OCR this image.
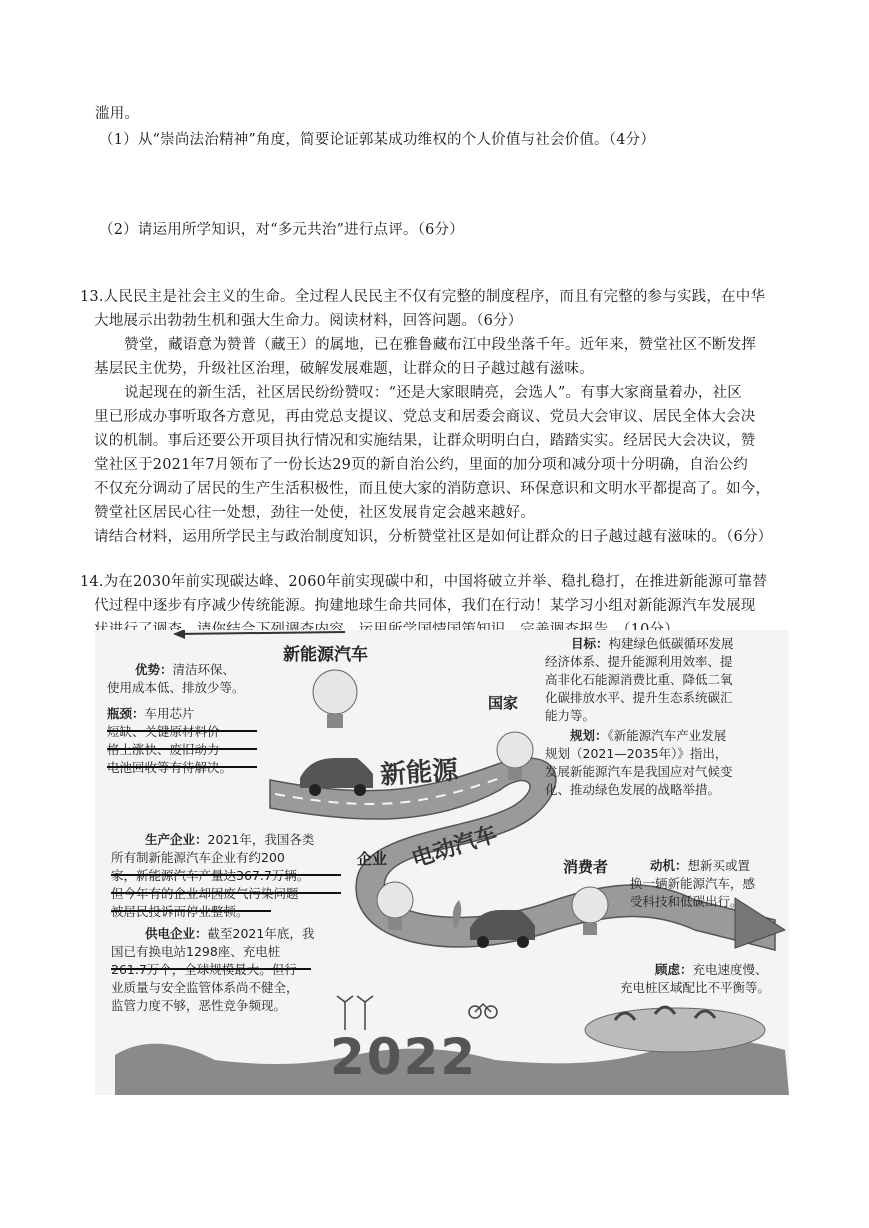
滥用。
（1）从“崇尚法治精神”角度，简要论证郭某成功维权的个人价值与社会价值。（4分）
（2）请运用所学知识，对“多元共治”进行点评。（6分）
13.人民民主是社会主义的生命。全过程人民民主不仅有完整的制度程序，而且有完整的参与实践，在中华
大地展示出勃勃生机和强大生命力。阅读材料，回答问题。（6分）
赞堂，藏语意为赞普（藏王）的属地，已在雅鲁藏布江中段坐落千年。近年来，赞堂社区不断发挥
基层民主优势，升级社区治理，破解发展难题，让群众的日子越过越有滋味。
说起现在的新生活，社区居民纷纷赞叹：“还是大家眼睛亮，会选人”。有事大家商量着办，社区
里已形成办事听取各方意见，再由党总支提议、党总支和居委会商议、党员大会审议、居民全体大会决
议的机制。事后还要公开项目执行情况和实施结果，让群众明明白白，踏踏实实。经居民大会决议，赞
堂社区于2021年7月领布了一份长达29页的新自治公约，里面的加分项和减分项十分明确，自治公约
不仅充分调动了居民的生产生活积极性，而且使大家的消防意识、环保意识和文明水平都提高了。如今，
赞堂社区居民心往一处想，劲往一处使，社区发展肯定会越来越好。
请结合材料，运用所学民主与政治制度知识，分析赞堂社区是如何让群众的日子越过越有滋味的。（6分）
14.为在2030年前实现碳达峰、2060年前实现碳中和，中国将破立并举、稳扎稳打，在推进新能源可靠替
代过程中逐步有序减少传统能源。拘建地球生命共同体，我们在行动！某学习小组对新能源汽车发展现
新能源汽车
优势：清洁环保、
使用成本低、排放少等。
瓶颈：车用芯片
国家
目标：构建绿色低碳循环发展
经济体系、提升能源利用效率、提
高非化石能源消费比重、降低二氧
化碳排放水平、提升生态系统碳汇
能力等。
规划：《新能源汽车产业发展
规划（2021—2035年）》指出，
发展新能源汽车是我国应对气候变
化、推动绿色发展的战略举措。
新能源
电动汽车
生产企业：2021年，我国各类
所有制新能源汽车企业有约200	企业
供电企业：截至2021年底，我
国已有换电站1298座、充电桩
业质量与安全监管体系尚不健全，
监管力度不够，恶性竞争频现。
消费者	动机：想新买或置
换一辆新能源汽车，感
受科技和低碳出行。
顾虑：充电速度慢、
充电桩区域配比不平衡等。
2022
